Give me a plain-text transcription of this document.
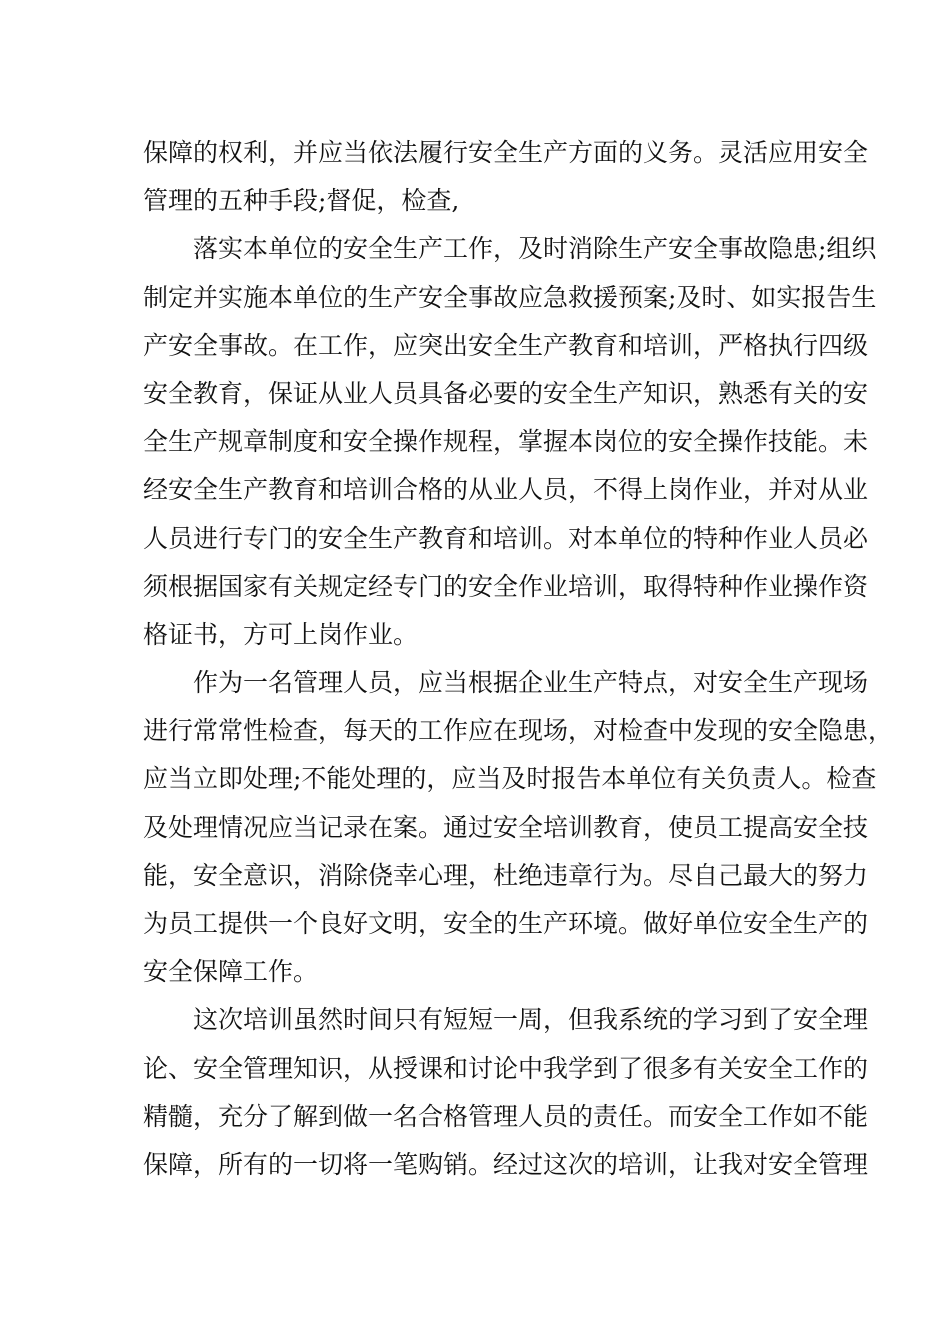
保障的权利，并应当依法履行安全生产方面的义务。灵活应用安全
管理的五种手段;督促，检查,
　　落实本单位的安全生产工作，及时消除生产安全事故隐患;组织
制定并实施本单位的生产安全事故应急救援预案;及时、如实报告生
产安全事故。在工作，应突出安全生产教育和培训，严格执行四级
安全教育，保证从业人员具备必要的安全生产知识，熟悉有关的安
全生产规章制度和安全操作规程，掌握本岗位的安全操作技能。未
经安全生产教育和培训合格的从业人员，不得上岗作业，并对从业
人员进行专门的安全生产教育和培训。对本单位的特种作业人员必
须根据国家有关规定经专门的安全作业培训，取得特种作业操作资
格证书，方可上岗作业。
　　作为一名管理人员，应当根据企业生产特点，对安全生产现场
进行常常性检查，每天的工作应在现场，对检查中发现的安全隐患，
应当立即处理;不能处理的，应当及时报告本单位有关负责人。检查
及处理情况应当记录在案。通过安全培训教育，使员工提高安全技
能，安全意识，消除侥幸心理，杜绝违章行为。尽自己最大的努力
为员工提供一个良好文明，安全的生产环境。做好单位安全生产的
安全保障工作。
　　这次培训虽然时间只有短短一周，但我系统的学习到了安全理
论、安全管理知识，从授课和讨论中我学到了很多有关安全工作的
精髓，充分了解到做一名合格管理人员的责任。而安全工作如不能
保障，所有的一切将一笔购销。经过这次的培训，让我对安全管理
